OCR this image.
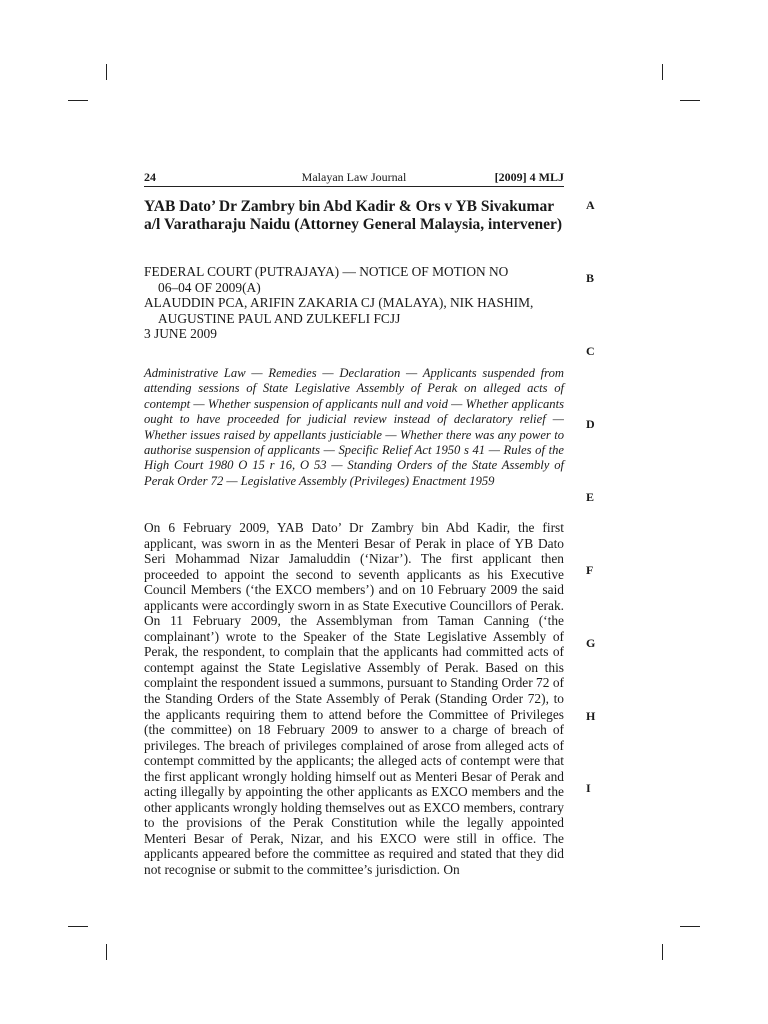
24	Malayan Law Journal	[2009] 4 MLJ
YAB Dato’ Dr Zambry bin Abd Kadir & Ors v YB Sivakumar a/l Varatharaju Naidu (Attorney General Malaysia, intervener)
FEDERAL COURT (PUTRAJAYA) — NOTICE OF MOTION NO
06–04 OF 2009(A)
ALAUDDIN PCA, ARIFIN ZAKARIA CJ (MALAYA), NIK HASHIM,
AUGUSTINE PAUL AND ZULKEFLI FCJJ
3 JUNE 2009
Administrative Law — Remedies — Declaration — Applicants suspended from attending sessions of State Legislative Assembly of Perak on alleged acts of contempt — Whether suspension of applicants null and void — Whether applicants ought to have proceeded for judicial review instead of declaratory relief — Whether issues raised by appellants justiciable — Whether there was any power to authorise suspension of applicants — Specific Relief Act 1950 s 41 — Rules of the High Court 1980 O 15 r 16, O 53 — Standing Orders of the State Assembly of Perak Order 72 — Legislative Assembly (Privileges) Enactment 1959
On 6 February 2009, YAB Dato’ Dr Zambry bin Abd Kadir, the first applicant, was sworn in as the Menteri Besar of Perak in place of YB Dato Seri Mohammad Nizar Jamaluddin (‘Nizar’). The first applicant then proceeded to appoint the second to seventh applicants as his Executive Council Members (‘the EXCO members’) and on 10 February 2009 the said applicants were accordingly sworn in as State Executive Councillors of Perak. On 11 February 2009, the Assemblyman from Taman Canning (‘the complainant’) wrote to the Speaker of the State Legislative Assembly of Perak, the respondent, to complain that the applicants had committed acts of contempt against the State Legislative Assembly of Perak. Based on this complaint the respondent issued a summons, pursuant to Standing Order 72 of the Standing Orders of the State Assembly of Perak (Standing Order 72), to the applicants requiring them to attend before the Committee of Privileges (the committee) on 18 February 2009 to answer to a charge of breach of privileges. The breach of privileges complained of arose from alleged acts of contempt committed by the applicants; the alleged acts of contempt were that the first applicant wrongly holding himself out as Menteri Besar of Perak and acting illegally by appointing the other applicants as EXCO members and the other applicants wrongly holding themselves out as EXCO members, contrary to the provisions of the Perak Constitution while the legally appointed Menteri Besar of Perak, Nizar, and his EXCO were still in office. The applicants appeared before the committee as required and stated that they did not recognise or submit to the committee’s jurisdiction. On
A
B
C
D
E
F
G
H
I
